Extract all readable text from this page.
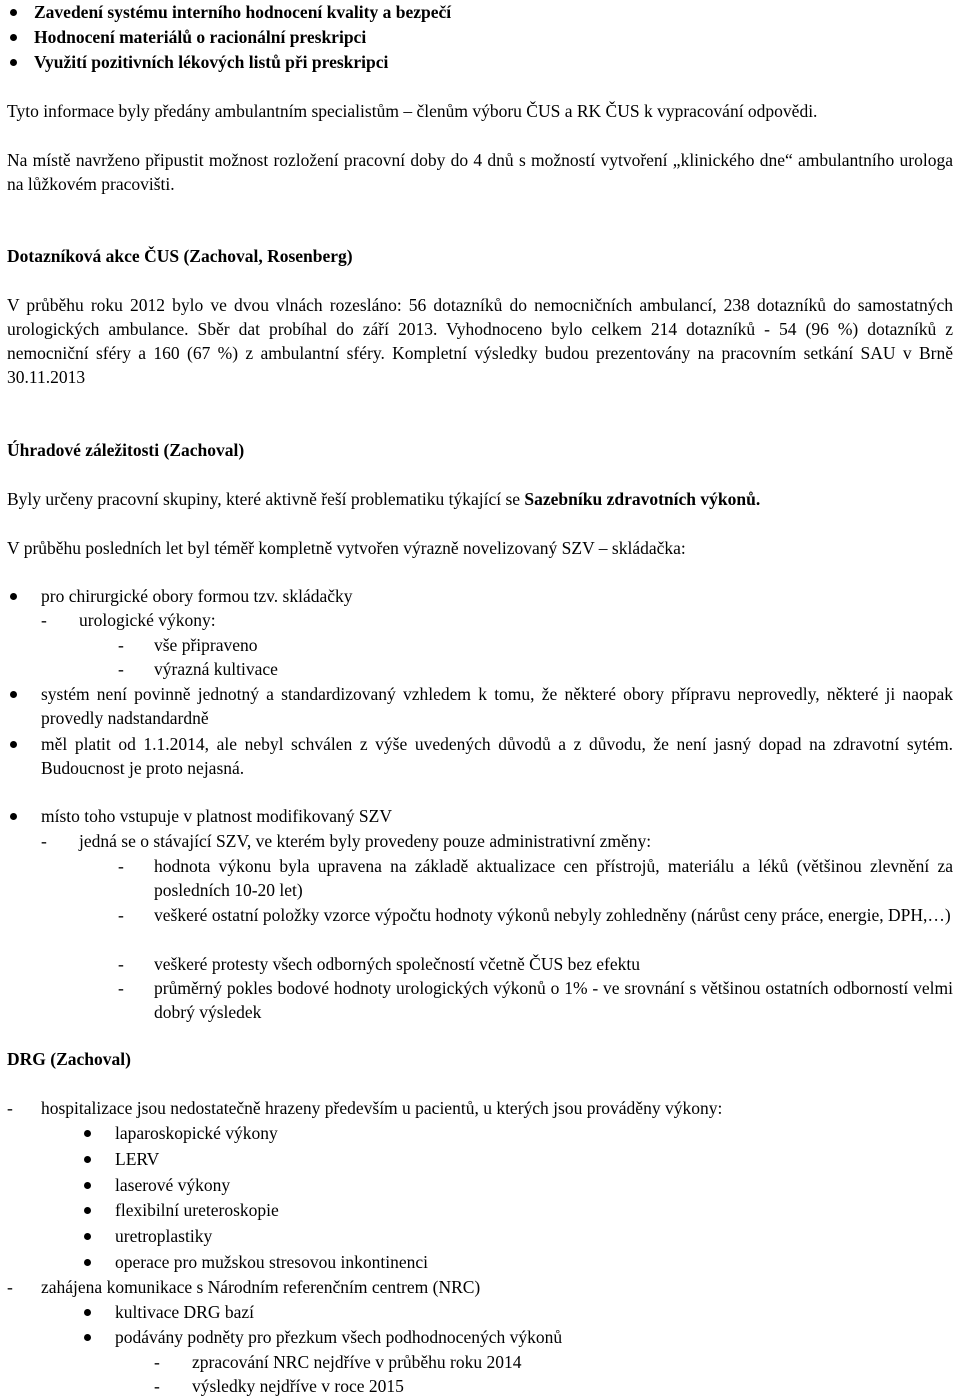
Zavedení systému interního hodnocení kvality a bezpečí
Hodnocení materiálů o racionální preskripci
Využití pozitivních lékových listů při preskripci

Tyto informace byly předány ambulantním specialistům – členům výboru ČUS a RK ČUS k vypracování odpovědi.

Na místě navrženo připustit možnost rozložení pracovní doby do 4 dnů s možností vytvoření „klinického dne“ ambulantního urologa na lůžkovém pracovišti.

Dotazníková akce ČUS (Zachoval, Rosenberg)

V průběhu roku 2012 bylo ve dvou vlnách rozesláno: 56 dotazníků do nemocničních ambulancí, 238 dotazníků do samostatných urologických ambulance. Sběr dat probíhal do září 2013. Vyhodnoceno bylo celkem 214 dotazníků - 54 (96 %) dotazníků z nemocniční sféry a 160 (67 %) z ambulantní sféry. Kompletní výsledky budou prezentovány na pracovním setkání SAU v Brně 30.11.2013

Úhradové záležitosti (Zachoval)

Byly určeny pracovní skupiny, které aktivně řeší problematiku týkající se Sazebníku zdravotních výkonů.

V průběhu posledních let byl téměř kompletně vytvořen výrazně novelizovaný SZV – skládačka:

pro chirurgické obory formou tzv. skládačky
- urologické výkony:
- vše připraveno
- výrazná kultivace

systém není povinně jednotný a standardizovaný vzhledem k tomu, že některé obory přípravu neprovedly, některé ji naopak provedly nadstandardně

měl platit od 1.1.2014, ale nebyl schválen z výše uvedených důvodů a z důvodu, že není jasný dopad na zdravotní sytém. Budoucnost je proto nejasná.

místo toho vstupuje v platnost modifikovaný SZV
- jedná se o stávající SZV, ve kterém byly provedeny pouze administrativní změny:
- hodnota výkonu byla upravena na základě aktualizace cen přístrojů, materiálu a léků (většinou zlevnění za posledních 10-20 let)

- veškeré ostatní položky vzorce výpočtu hodnoty výkonů nebyly zohledněny (nárůst ceny práce, energie, DPH,…)

- veškeré protesty všech odborných společností včetně ČUS bez efektu
- průměrný pokles bodové hodnoty urologických výkonů o 1% - ve srovnání s většinou ostatních odborností velmi dobrý výsledek

DRG (Zachoval)

- hospitalizace jsou nedostatečně hrazeny především u pacientů, u kterých jsou prováděny výkony:
laparoskopické výkony
LERV
laserové výkony
flexibilní ureteroskopie
uretroplastiky
operace pro mužskou stresovou inkontinenci
- zahájena komunikace s Národním referenčním centrem (NRC)
kultivace DRG bazí
podávány podněty pro přezkum všech podhodnocených výkonů
- zpracování NRC nejdříve v průběhu roku 2014
- výsledky nejdříve v roce 2015
